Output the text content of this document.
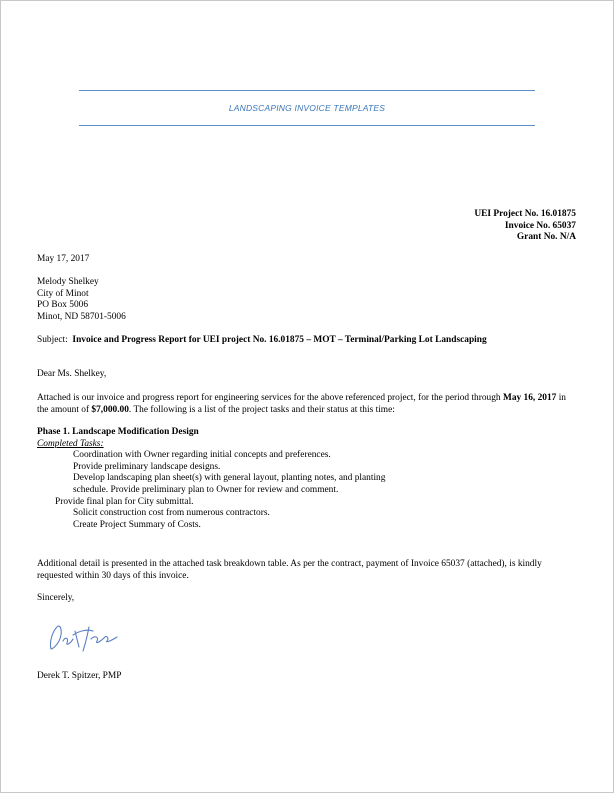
LANDSCAPING INVOICE TEMPLATES
UEI Project No. 16.01875
Invoice No. 65037
Grant No. N/A
May 17, 2017
Melody Shelkey
City of Minot
PO Box 5006
Minot, ND 58701-5006
Subject: Invoice and Progress Report for UEI project No. 16.01875 – MOT – Terminal/Parking Lot Landscaping
Dear Ms. Shelkey,
Attached is our invoice and progress report for engineering services for the above referenced project, for the period through May 16, 2017 in the amount of $7,000.00. The following is a list of the project tasks and their status at this time:
Phase 1. Landscape Modification Design
Completed Tasks:
Coordination with Owner regarding initial concepts and preferences.
Provide preliminary landscape designs.
Develop landscaping plan sheet(s) with general layout, planting notes, and planting
schedule. Provide preliminary plan to Owner for review and comment.
Provide final plan for City submittal.
Solicit construction cost from numerous contractors.
Create Project Summary of Costs.
Additional detail is presented in the attached task breakdown table. As per the contract, payment of Invoice 65037 (attached), is kindly requested within 30 days of this invoice.
Sincerely,
Derek T. Spitzer, PMP
